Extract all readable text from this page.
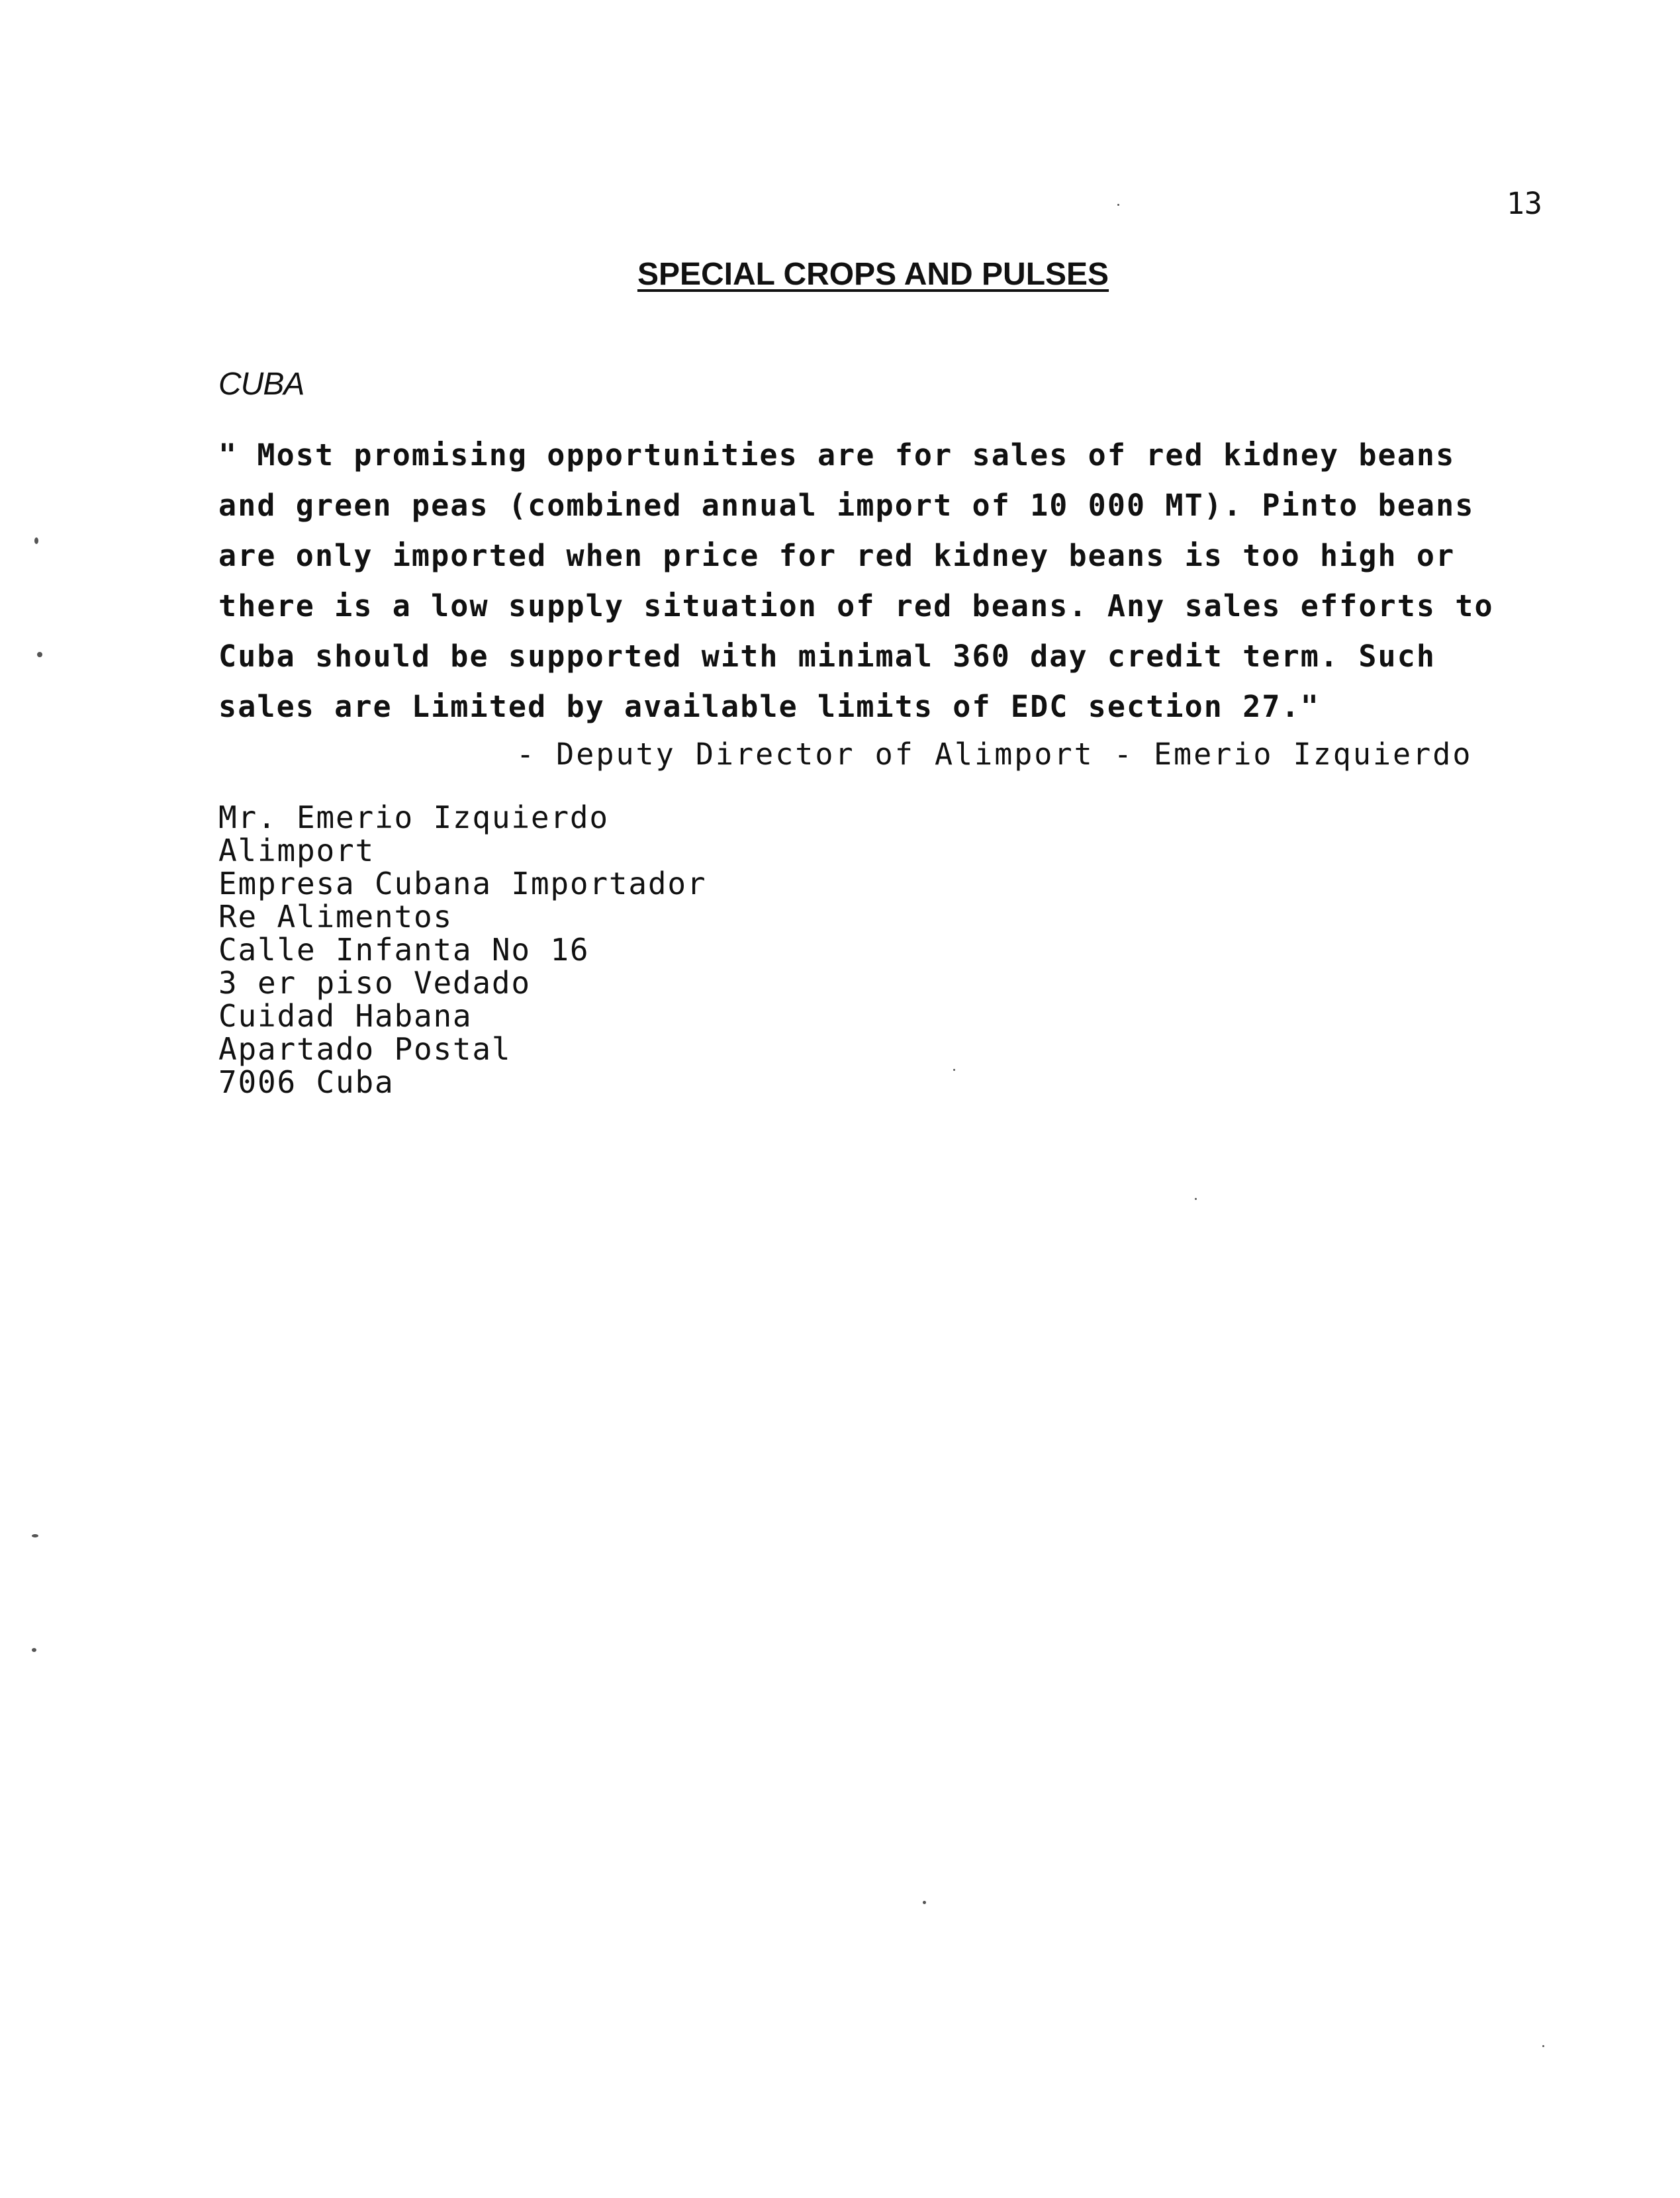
13
SPECIAL CROPS AND PULSES
CUBA
" Most promising opportunities are for sales of red kidney beans
and green peas (combined annual import of 10 000 MT). Pinto beans
are only imported when price for red kidney beans is too high or
there is a low supply situation of red beans. Any sales efforts to
Cuba should be supported with minimal 360 day credit term. Such
sales are Limited by available limits of EDC section 27."
- Deputy Director of Alimport - Emerio Izquierdo
Mr. Emerio Izquierdo
Alimport
Empresa Cubana Importador
Re Alimentos
Calle Infanta No 16
3 er piso Vedado
Cuidad Habana
Apartado Postal
7006 Cuba
